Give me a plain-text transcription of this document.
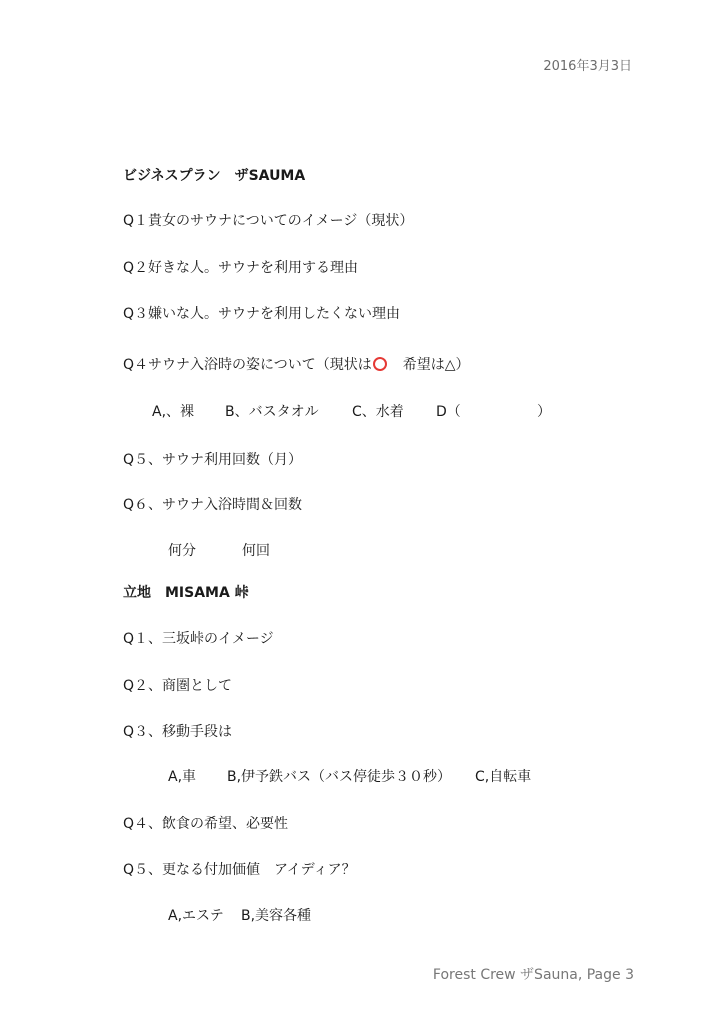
2016年3月3日
ビジネスプラン　ザSAUMA
Q１貴女のサウナについてのイメージ（現状）
Q２好きな人。サウナを利用する理由
Q３嫌いな人。サウナを利用したくない理由
Q４サウナ入浴時の姿について（現状は　希望は△）
A,、裸 B、バスタオル C、水着 D（	）
Q５、サウナ利用回数（月）
Q６、サウナ入浴時間＆回数
何分	何回
立地　MISAMA 峠
Q１、三坂峠のイメージ
Q２、商圏として
Q３、移動手段は
A,車 B,伊予鉄バス（バス停徒歩３０秒） C,自転車
Q４、飲食の希望、必要性
Q５、更なる付加価値　アイディア？
A,エステ B,美容各種
Forest Crew ザSauna, Page 3
